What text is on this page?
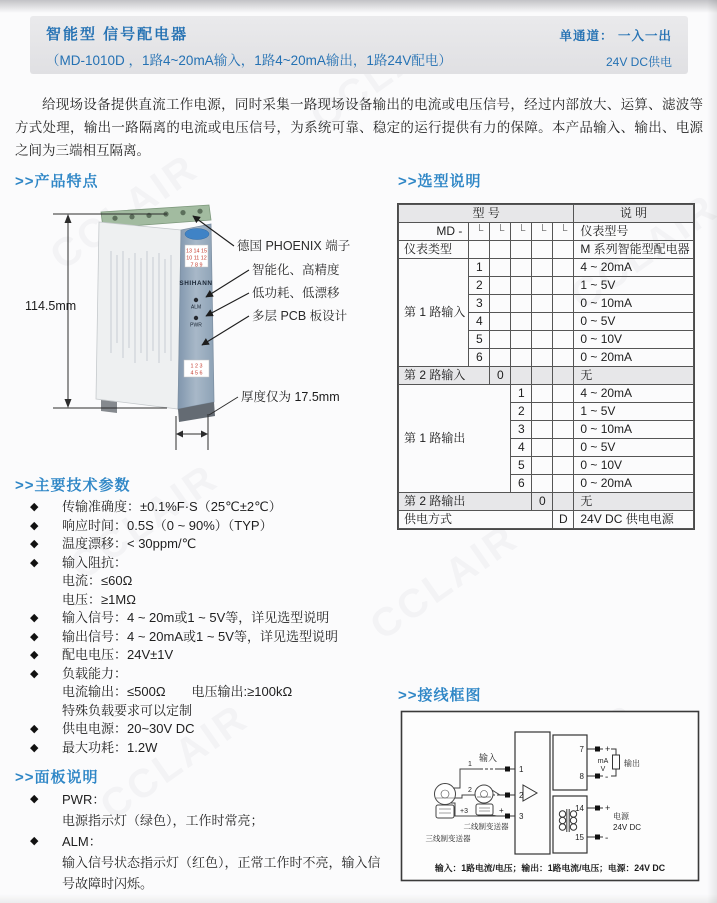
智能型 信号配电器
（MD-1010D ，1路4~20mA输入，1路4~20mA输出，1路24V配电）
单通道： 一入一出
24V DC供电
给现场设备提供直流工作电源，同时采集一路现场设备输出的电流或电压信号，经过内部放大、运算、滤波等方式处理，输出一路隔离的电流或电压信号，为系统可靠、稳定的运行提供有力的保障。本产品输入、输出、电源之间为三端相互隔离。
>>产品特点	>>选型说明
>>主要技术参数
>>面板说明
>>接线框图
13 14 15
10 11 12
7 8 9
SHIHANN
ALM
PWR
1 2 3
4 5 6
114.5mm
厚度仅为 17.5mm
德国 PHOENIX 端子
智能化、高精度
低功耗、低漂移
多层 PCB 板设计
型 号						说 明
MD -	└	└	└	└	└	仪表型号
仪表类型						M 系列智能型配电器
第 1 路输入	1					4 ~ 20mA
	2					1 ~ 5V
	3					0 ~ 10mA
	4					0 ~ 5V
	5					0 ~ 10V
	6					0 ~ 20mA
第 2 路输入		0				无
第 1 路输出			1			4 ~ 20mA
			2			1 ~ 5V
			3			0 ~ 10mA
			4			0 ~ 5V
			5			0 ~ 10V
			6			0 ~ 20mA
第 2 路输出				0		无
供电方式					D	24V DC 供电电源
◆ 传输准确度：±0.1%F·S（25℃±2℃）
◆ 响应时间：0.5S（0 ~ 90%）（TYP）
◆ 温度漂移：< 30ppm/℃
◆ 输入阻抗：
电流：≤60Ω
电压：≥1MΩ
◆ 输入信号：4 ~ 20m或1 ~ 5V等，详见选型说明
◆ 输出信号：4 ~ 20mA或1 ~ 5V等，详见选型说明
◆ 配电电压：24V±1V
◆ 负载能力：
电流输出：≤500Ω　　电压输出:≥100kΩ
特殊负载要求可以定制
◆ 供电电源：20~30V DC
◆ 最大功耗：1.2W
◆ PWR：
电源指示灯（绿色），工作时常亮；
◆ ALM：
输入信号状态指示灯（红色），正常工作时不亮，输入信号故障时闪烁。
1
2
3
输入
1
2
+3	+
二线制变送器
三线制变送器
7
8
+
-
mA
V
输出
14
15
+
-
电源
24V DC
输入：1路电流/电压；输出：1路电流/电压；电源：24V DC
